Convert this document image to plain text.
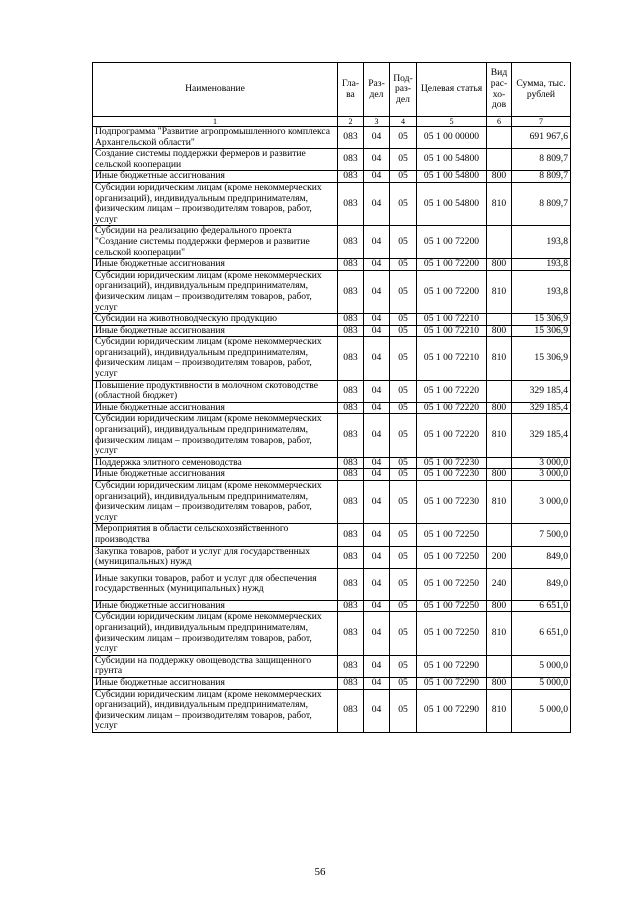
Наименование	Гла-ва	Раз-дел	Под-раз-дел	Целевая статья	Вид рас-хо-дов	Сумма, тыс. рублей
1	2	3	4	5	6	7
Подпрограмма "Развитие агропромышленного комплекса Архангельской области"	083	04	05	05 1 00 00000		691 967,6
Создание системы поддержки фермеров и развитие сельской кооперации	083	04	05	05 1 00 54800		8 809,7
Иные бюджетные ассигнования	083	04	05	05 1 00 54800	800	8 809,7
Субсидии юридическим лицам (кроме некоммерческих организаций), индивидуальным предпринимателям, физическим лицам – производителям товаров, работ, услуг	083	04	05	05 1 00 54800	810	8 809,7
Субсидии на реализацию федерального проекта "Создание системы поддержки фермеров и развитие сельской кооперации"	083	04	05	05 1 00 72200		193,8
Иные бюджетные ассигнования	083	04	05	05 1 00 72200	800	193,8
Субсидии юридическим лицам (кроме некоммерческих организаций), индивидуальным предпринимателям, физическим лицам – производителям товаров, работ, услуг	083	04	05	05 1 00 72200	810	193,8
Субсидии на животноводческую продукцию	083	04	05	05 1 00 72210		15 306,9
Иные бюджетные ассигнования	083	04	05	05 1 00 72210	800	15 306,9
Субсидии юридическим лицам (кроме некоммерческих организаций), индивидуальным предпринимателям, физическим лицам – производителям товаров, работ, услуг	083	04	05	05 1 00 72210	810	15 306,9
Повышение продуктивности в молочном скотоводстве (областной бюджет)	083	04	05	05 1 00 72220		329 185,4
Иные бюджетные ассигнования	083	04	05	05 1 00 72220	800	329 185,4
Субсидии юридическим лицам (кроме некоммерческих организаций), индивидуальным предпринимателям, физическим лицам – производителям товаров, работ, услуг	083	04	05	05 1 00 72220	810	329 185,4
Поддержка элитного семеноводства	083	04	05	05 1 00 72230		3 000,0
Иные бюджетные ассигнования	083	04	05	05 1 00 72230	800	3 000,0
Субсидии юридическим лицам (кроме некоммерческих организаций), индивидуальным предпринимателям, физическим лицам – производителям товаров, работ, услуг	083	04	05	05 1 00 72230	810	3 000,0
Мероприятия в области сельскохозяйственного производства	083	04	05	05 1 00 72250		7 500,0
Закупка товаров, работ и услуг для государственных (муниципальных) нужд	083	04	05	05 1 00 72250	200	849,0
Иные закупки товаров, работ и услуг для обеспечения государственных (муниципальных) нужд	083	04	05	05 1 00 72250	240	849,0
Иные бюджетные ассигнования	083	04	05	05 1 00 72250	800	6 651,0
Субсидии юридическим лицам (кроме некоммерческих организаций), индивидуальным предпринимателям, физическим лицам – производителям товаров, работ, услуг	083	04	05	05 1 00 72250	810	6 651,0
Субсидии на поддержку овощеводства защищенного грунта	083	04	05	05 1 00 72290		5 000,0
Иные бюджетные ассигнования	083	04	05	05 1 00 72290	800	5 000,0
Субсидии юридическим лицам (кроме некоммерческих организаций), индивидуальным предпринимателям, физическим лицам – производителям товаров, работ, услуг	083	04	05	05 1 00 72290	810	5 000,0
56
